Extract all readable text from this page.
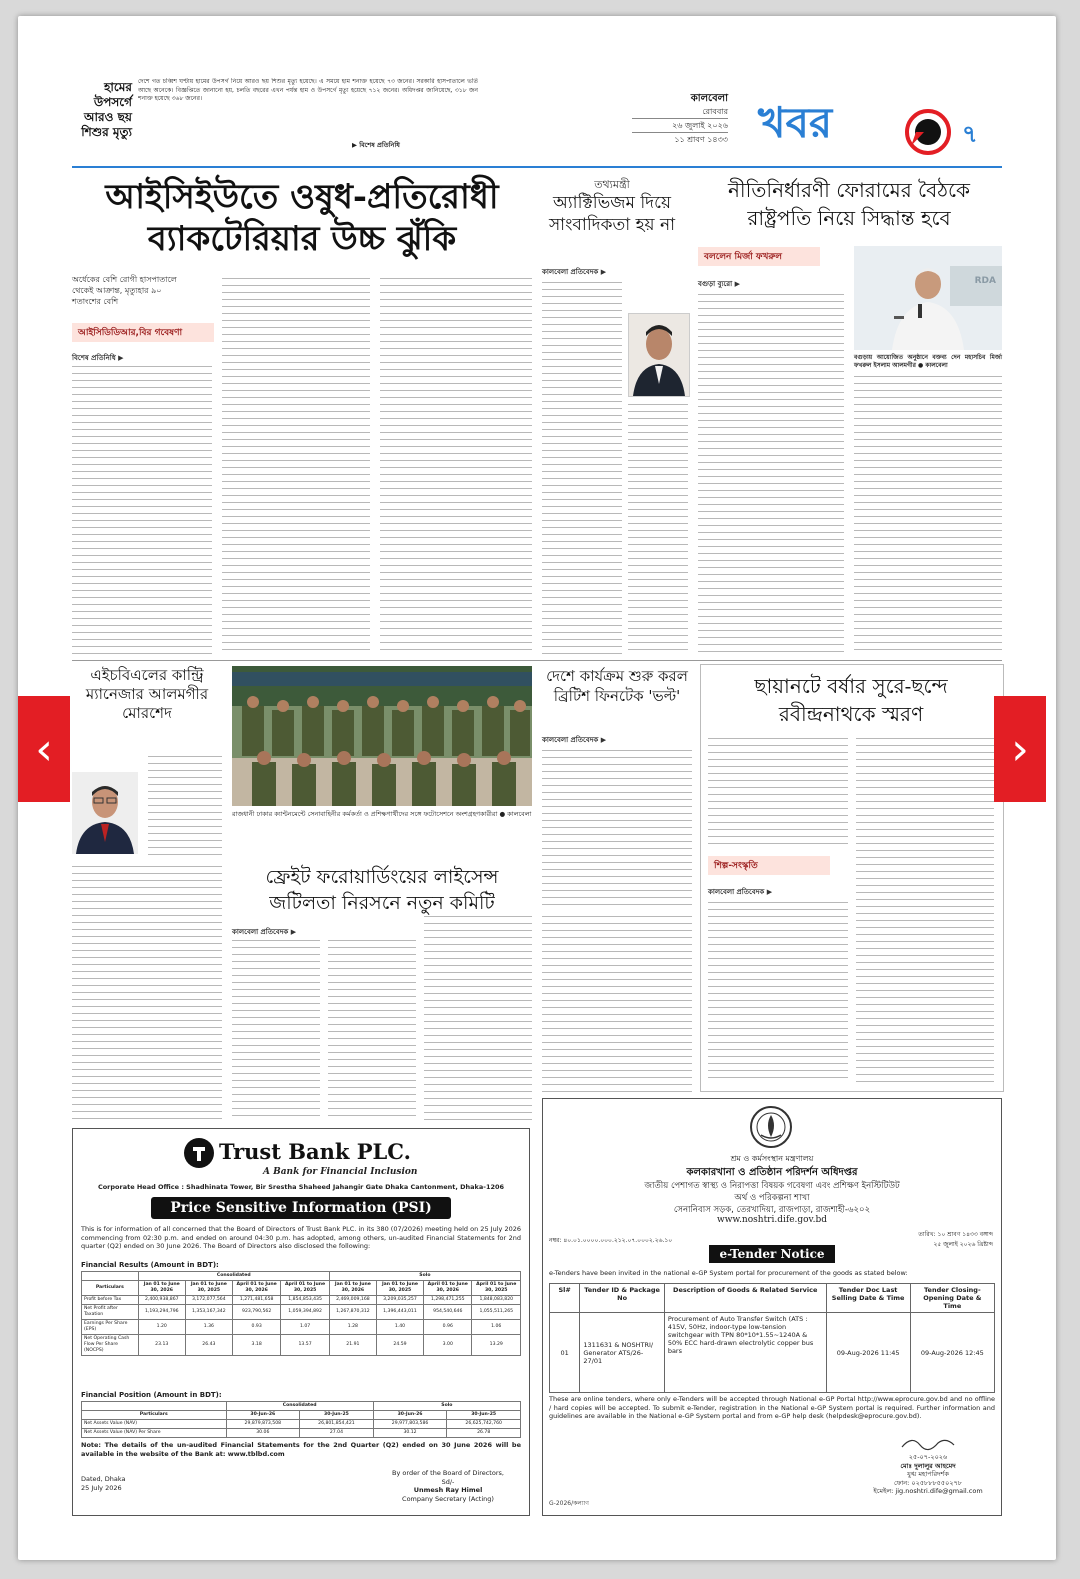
হামের উপসর্গে আরও ছয় শিশুর মৃত্যু
দেশে গত চব্বিশ ঘণ্টায় হামের উপসর্গ নিয়ে আরও ছয় শিশুর মৃত্যু হয়েছে। এ সময়ে হাম শনাক্ত হয়েছে ৭৩ জনের। সরকারি হাসপাতালে ভর্তি আছে অনেকে। বিজ্ঞপ্তিতে জানানো হয়, চলতি বছরের এখন পর্যন্ত হাম ও উপসর্গে মৃত্যু হয়েছে ৭১২ জনের। অধিদপ্তর জানিয়েছে, ৩১৮ জন শনাক্ত হয়েছে ৩৬৮ জনের।
▶ বিশেষ প্রতিনিধি
কালবেলা
রোববার
২৬ জুলাই ২০২৬
১১ শ্রাবণ ১৪৩৩ খবর	৭
আইসিইউতে ওষুধ-প্রতিরোধী ব্যাকটেরিয়ার উচ্চ ঝুঁকি
অর্ধেকের বেশি রোগী হাসপাতালে থেকেই আক্রান্ত, মৃত্যুহার ৯০ শতাংশের বেশি
আইসিডিডিআর,বির গবেষণা
বিশেষ প্রতিনিধি ▶
তথ্যমন্ত্রী
অ্যাক্টিভিজম দিয়ে সাংবাদিকতা হয় না
কালবেলা প্রতিবেদক ▶
নীতিনির্ধারণী ফোরামের বৈঠকে রাষ্ট্রপতি নিয়ে সিদ্ধান্ত হবে
বললেন মির্জা ফখরুল
বগুড়া ব্যুরো ▶	RDA
বগুড়ায় আয়োজিত অনুষ্ঠানে বক্তব্য দেন মহাসচিব মির্জা ফখরুল ইসলাম আলমগীর ● কালবেলা
এইচবিএলের কান্ট্রি ম্যানেজার আলমগীর মোরশেদ
রাজধানী ঢাকার ক্যান্টনমেন্টে সেনাবাহিনীর কর্মকর্তা ও প্রশিক্ষণার্থীদের সঙ্গে ফটোসেশনে অংশগ্রহণকারীরা ● কালবেলা
ফ্রেইট ফরোয়ার্ডিংয়ের লাইসেন্স জটিলতা নিরসনে নতুন কমিটি
কালবেলা প্রতিবেদক ▶
দেশে কার্যক্রম শুরু করল ব্রিটিশ ফিনটেক 'ভল্ট'
কালবেলা প্রতিবেদক ▶
ছায়ানটে বর্ষার সুরে-ছন্দে রবীন্দ্রনাথকে স্মরণ
শিল্প-সংস্কৃতি
কালবেলা প্রতিবেদক ▶
Trust Bank PLC.
A Bank for Financial Inclusion
Corporate Head Office : Shadhinata Tower, Bir Srestha Shaheed Jahangir Gate Dhaka Cantonment, Dhaka-1206
Price Sensitive Information (PSI)
This is for information of all concerned that the Board of Directors of Trust Bank PLC. in its 380 (07/2026) meeting held on 25 July 2026 commencing from 02:30 p.m. and ended on around 04:30 p.m. has adopted, among others, un-audited Financial Statements for 2nd quarter (Q2) ended on 30 June 2026. The Board of Directors also disclosed the following:
Financial Results (Amount in BDT):
	Consolidated				Solo			
Particulars	Jan 01 to June 30, 2026	Jan 01 to June 30, 2025	April 01 to June 30, 2026	April 01 to June 30, 2025	Jan 01 to June 30, 2026	Jan 01 to June 30, 2025	April 01 to June 30, 2026	April 01 to June 30, 2025
Profit before Tax	2,400,938,867	3,172,077,564	1,271,481,658	1,854,853,435	2,469,009,168	3,209,035,257	1,298,471,255	1,848,083,820
Net Profit after Taxation	1,193,294,796	1,353,167,342	923,790,562	1,059,394,892	1,267,870,312	1,396,443,011	954,540,646	1,055,511,265
Earnings Per Share (EPS)	1.20	1.36	0.93	1.07	1.28	1.40	0.96	1.06
Net Operating Cash Flow Per Share (NOCPS)	23.13	26.43	3.18	13.57	21.91	24.59	3.00	13.29
Financial Position (Amount in BDT):
	Consolidated		Solo	
Particulars	30-Jun-26	30-Jun-25	30-Jun-26	30-Jun-25
Net Assets Value (NAV)	29,879,873,508	26,801,854,421	29,977,803,586	26,625,742,760
Net Assets Value (NAV) Per Share	30.06	27.04	30.12	26.78
Note: The details of the un-audited Financial Statements for the 2nd Quarter (Q2) ended on 30 June 2026 will be available in the website of the Bank at: www.tblbd.com
Dated, Dhaka
25 July 2026
By order of the Board of Directors,
Sd/-
Unmesh Ray Himel
Company Secretary (Acting)
শ্রম ও কর্মসংস্থান মন্ত্রণালয়
কলকারখানা ও প্রতিষ্ঠান পরিদর্শন অধিদপ্তর
জাতীয় পেশাগত স্বাস্থ্য ও নিরাপত্তা বিষয়ক গবেষণা এবং প্রশিক্ষণ ইনস্টিটিউট
অর্থ ও পরিকল্পনা শাখা
সেনানিবাস সড়ক, তেরখাদিয়া, রাজপাড়া, রাজশাহী-৬২০২
www.noshtri.dife.gov.bd
নম্বর: ৪০.০১.০০০০.০০০.২১২.০৭.০০০২.২৬.১০
তারিখ: ১০ শ্রাবণ ১৪৩৩ বঙ্গাব্দ
২৫ জুলাই ২০২৬ খ্রিষ্টাব্দ
e-Tender Notice
e-Tenders have been invited in the national e-GP System portal for procurement of the goods as stated below:
Sl#	Tender ID & Package No	Description of Goods & Related Service	Tender Doc Last Selling Date & Time	Tender Closing-Opening Date & Time
01	1311631 & NOSHTRI/ Generator ATS/26-27/01	Procurement of Auto Transfer Switch (ATS : 415V, 50Hz, indoor-type low-tension switchgear with TPN 80*10*1.55~1240A & 50% ECC hard-drawn electrolytic copper bus bars	09-Aug-2026 11:45	09-Aug-2026 12:45
These are online tenders, where only e-Tenders will be accepted through National e-GP Portal http://www.eprocure.gov.bd and no offline / hard copies will be accepted. To submit e-Tender, registration in the National e-GP System portal is required. Further information and guidelines are available in the National e-GP System portal and from e-GP help desk (helpdesk@eprocure.gov.bd).
২৫-০৭-২০২৬
মোঃ দুলালুর আহমেদ
যুগ্ম মহাপরিদর্শক
ফোন: ০২৫৮৮৮৫৫০২৭৮
ইমেইল: jig.noshtri.dife@gmail.com
G-2026/কল্যাণ
‹	›
